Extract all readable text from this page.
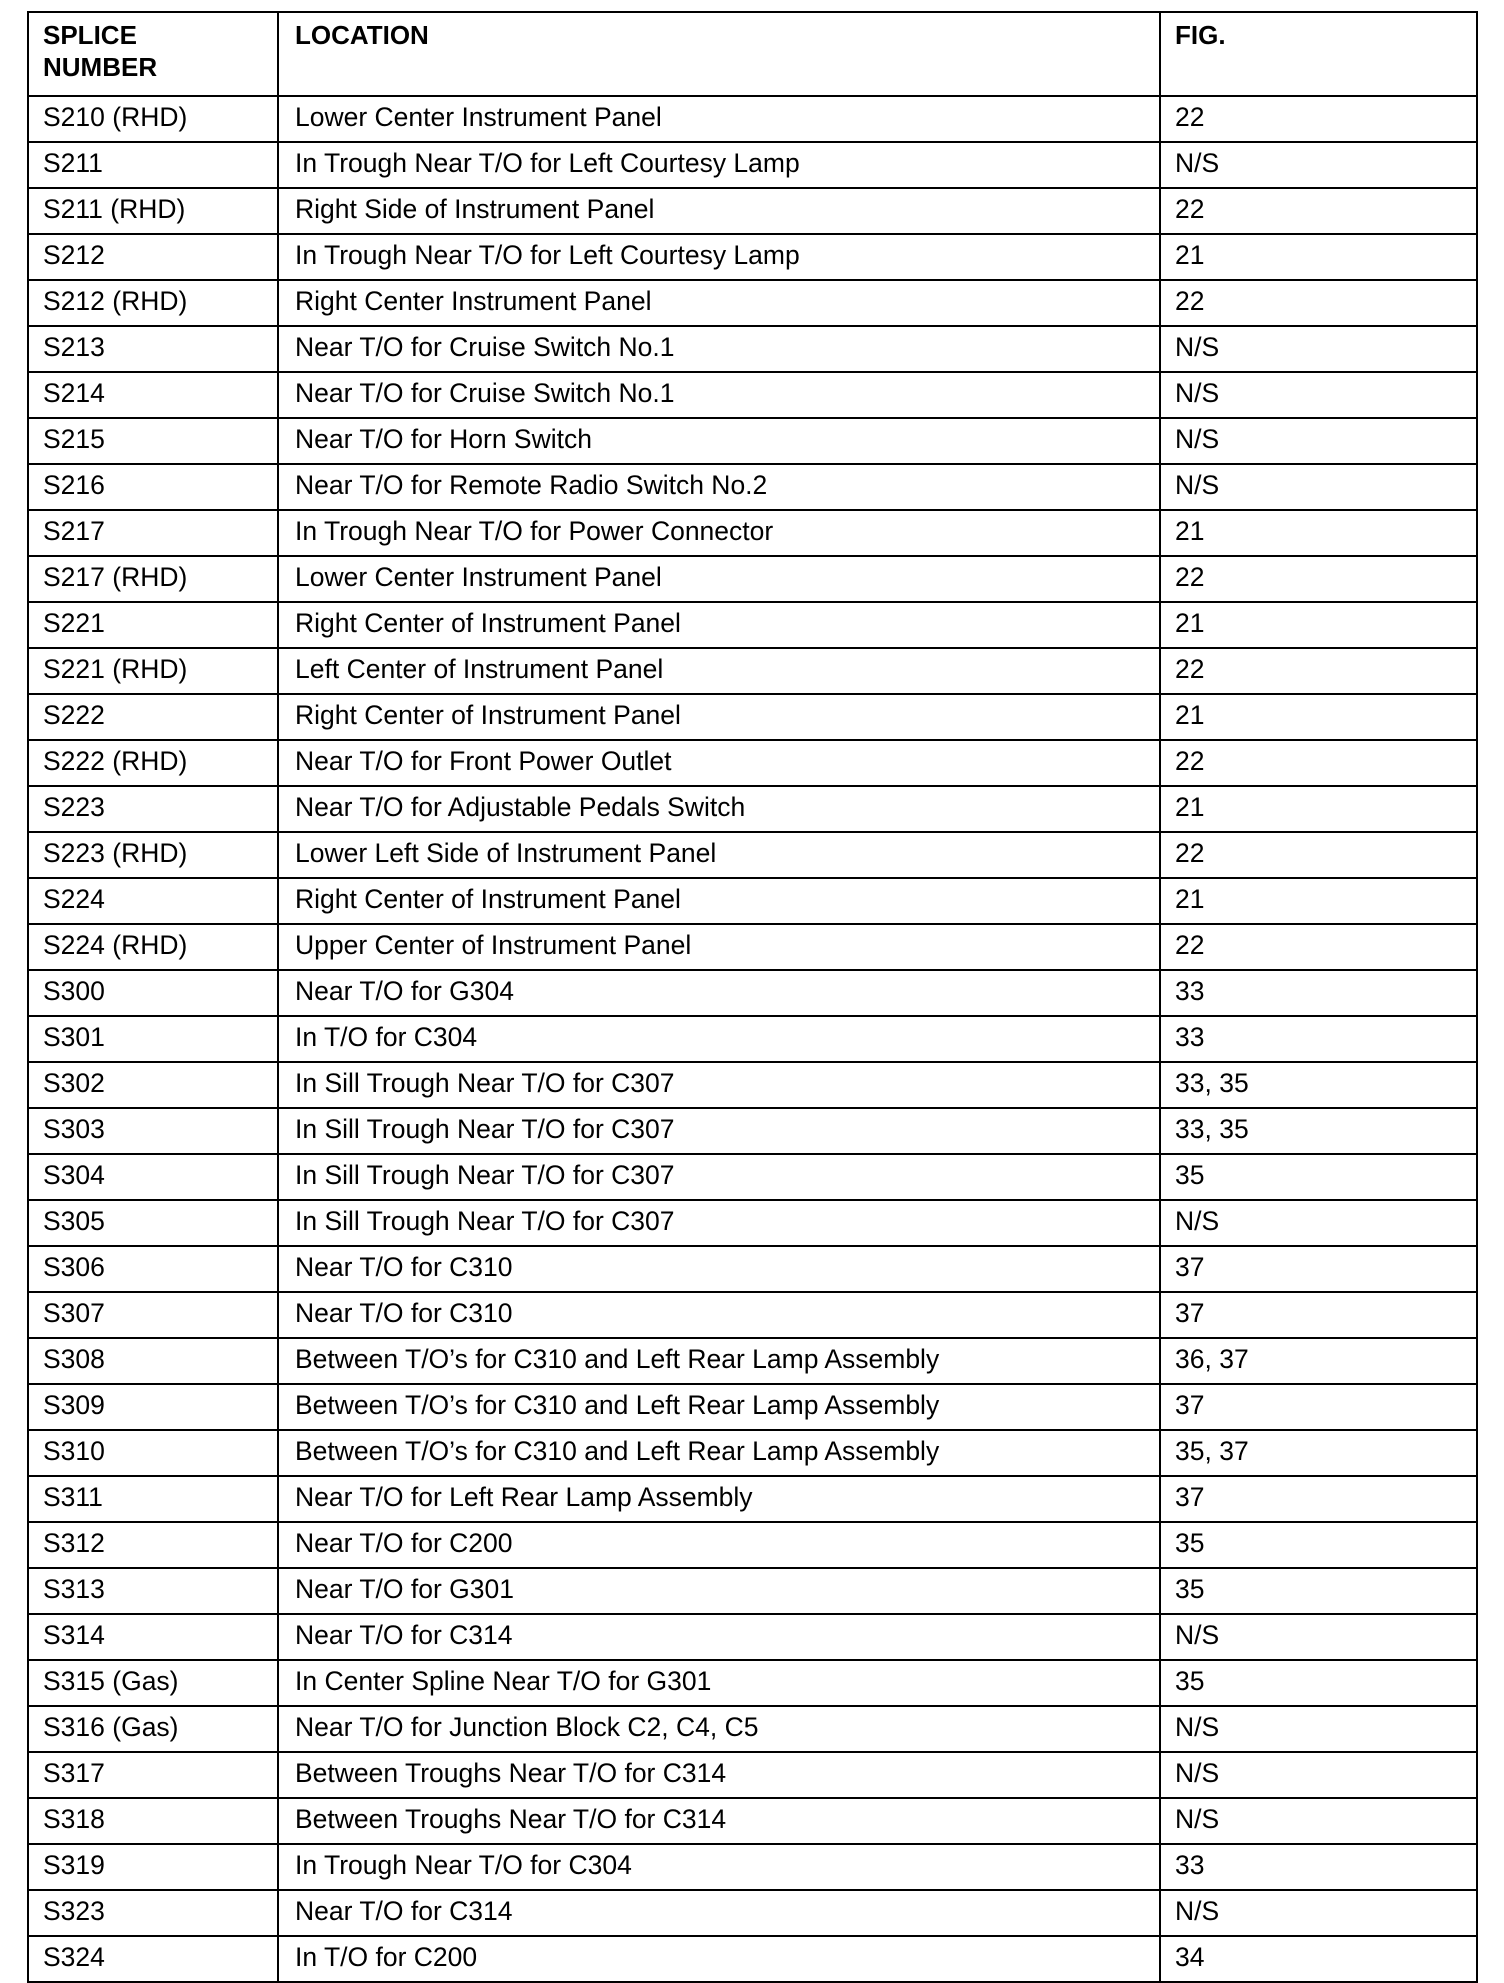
SPLICE
NUMBER	LOCATION	FIG.
S210 (RHD)	Lower Center Instrument Panel	22
S211	In Trough Near T/O for Left Courtesy Lamp	N/S
S211 (RHD)	Right Side of Instrument Panel	22
S212	In Trough Near T/O for Left Courtesy Lamp	21
S212 (RHD)	Right Center Instrument Panel	22
S213	Near T/O for Cruise Switch No.1	N/S
S214	Near T/O for Cruise Switch No.1	N/S
S215	Near T/O for Horn Switch	N/S
S216	Near T/O for Remote Radio Switch No.2	N/S
S217	In Trough Near T/O for Power Connector	21
S217 (RHD)	Lower Center Instrument Panel	22
S221	Right Center of Instrument Panel	21
S221 (RHD)	Left Center of Instrument Panel	22
S222	Right Center of Instrument Panel	21
S222 (RHD)	Near T/O for Front Power Outlet	22
S223	Near T/O for Adjustable Pedals Switch	21
S223 (RHD)	Lower Left Side of Instrument Panel	22
S224	Right Center of Instrument Panel	21
S224 (RHD)	Upper Center of Instrument Panel	22
S300	Near T/O for G304	33
S301	In T/O for C304	33
S302	In Sill Trough Near T/O for C307	33, 35
S303	In Sill Trough Near T/O for C307	33, 35
S304	In Sill Trough Near T/O for C307	35
S305	In Sill Trough Near T/O for C307	N/S
S306	Near T/O for C310	37
S307	Near T/O for C310	37
S308	Between T/O’s for C310 and Left Rear Lamp Assembly	36, 37
S309	Between T/O’s for C310 and Left Rear Lamp Assembly	37
S310	Between T/O’s for C310 and Left Rear Lamp Assembly	35, 37
S311	Near T/O for Left Rear Lamp Assembly	37
S312	Near T/O for C200	35
S313	Near T/O for G301	35
S314	Near T/O for C314	N/S
S315 (Gas)	In Center Spline Near T/O for G301	35
S316 (Gas)	Near T/O for Junction Block C2, C4, C5	N/S
S317	Between Troughs Near T/O for C314	N/S
S318	Between Troughs Near T/O for C314	N/S
S319	In Trough Near T/O for C304	33
S323	Near T/O for C314	N/S
S324	In T/O for C200	34
